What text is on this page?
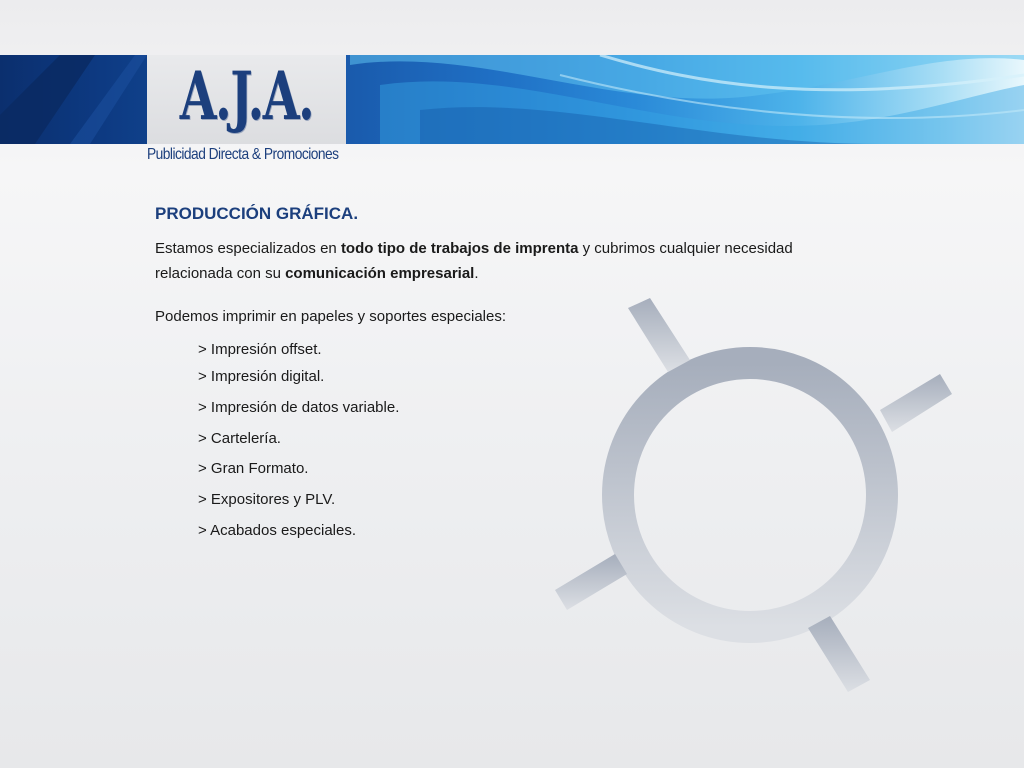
A.J.A.
Publicidad Directa & Promociones
PRODUCCIÓN GRÁFICA.

Estamos especializados en todo tipo de trabajos de imprenta y cubrimos cualquier necesidad relacionada con su comunicación empresarial.

Podemos imprimir en papeles y soportes especiales:

> Impresión offset.
> Impresión digital.
> Impresión de datos variable.
> Cartelería.
> Gran Formato.
> Expositores y PLV.
> Acabados especiales.
